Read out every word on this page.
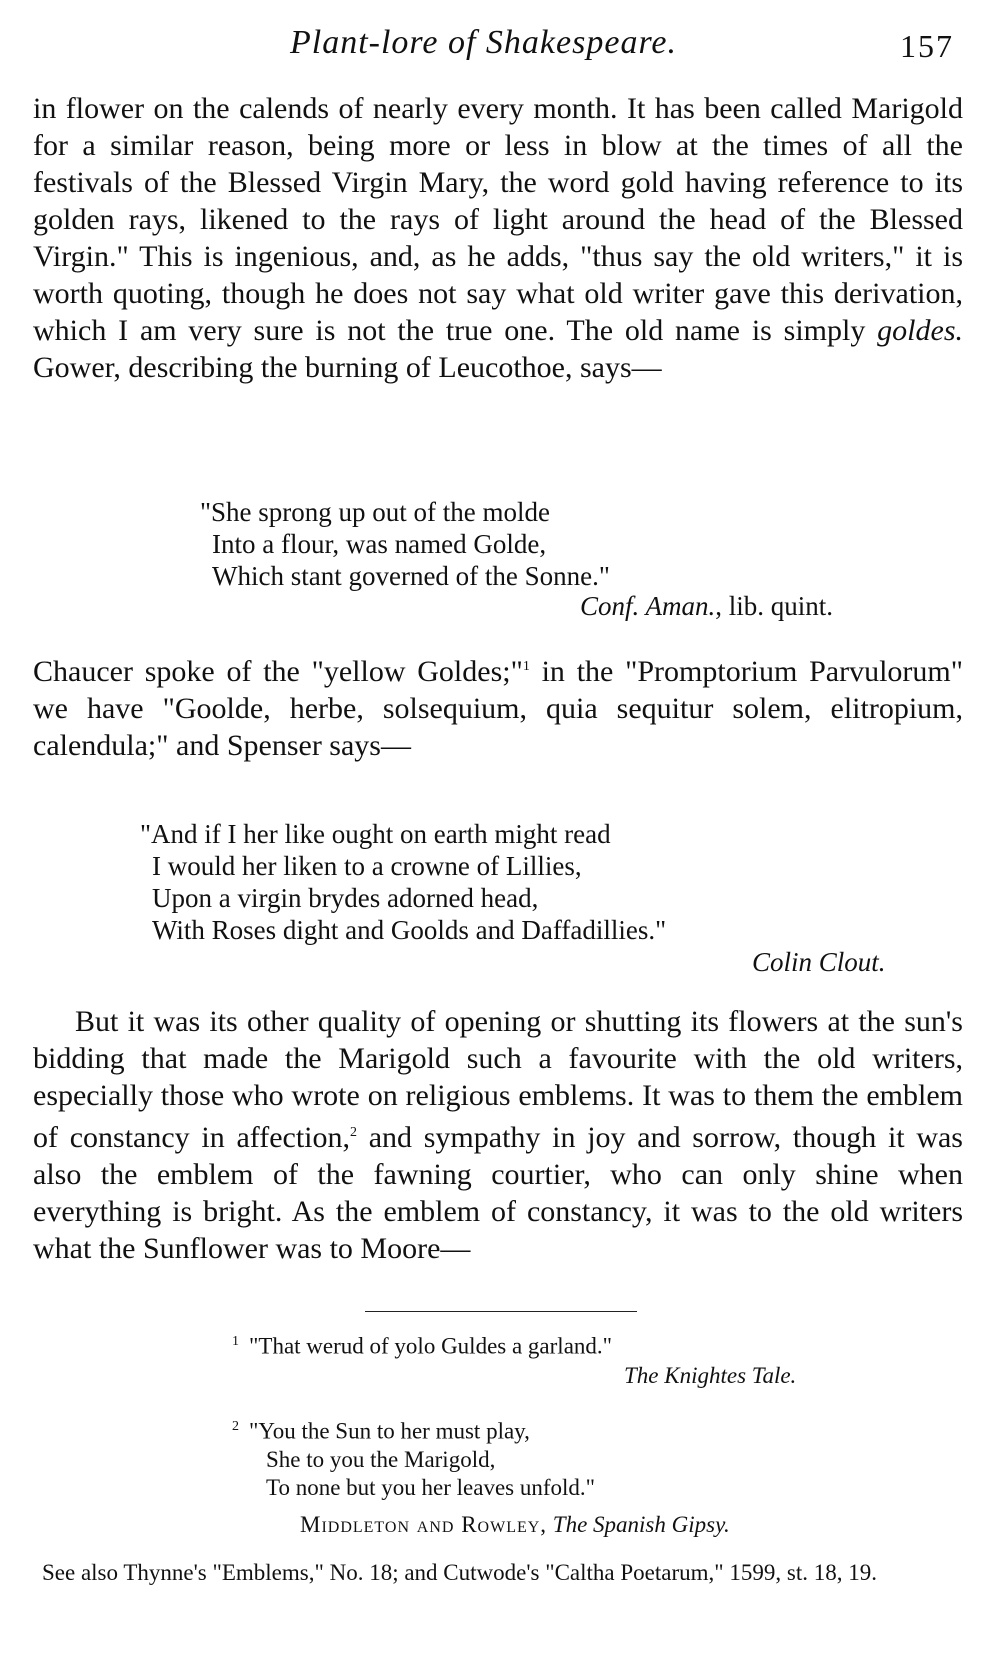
Plant-lore of Shakespeare.	157

in flower on the calends of nearly every month. It has been called Marigold for a similar reason, being more or less in blow at the times of all the festivals of the Blessed Virgin Mary, the word gold having reference to its golden rays, likened to the rays of light around the head of the Blessed Virgin." This is ingenious, and, as he adds, "thus say the old writers," it is worth quoting, though he does not say what old writer gave this derivation, which I am very sure is not the true one. The old name is simply goldes. Gower, describing the burning of Leucothoe, says—

"She sprong up out of the molde
Into a flour, was named Golde,
Which stant governed of the Sonne."
Conf. Aman., lib. quint.

Chaucer spoke of the "yellow Goldes;"$^1$ in the "Promptorium Parvulorum" we have "Goolde, herbe, solsequium, quia sequitur solem, elitropium, calendula;" and Spenser says—

"And if I her like ought on earth might read
I would her liken to a crowne of Lillies,
Upon a virgin brydes adorned head,
With Roses dight and Goolds and Daffadillies."
Colin Clout.

But it was its other quality of opening or shutting its flowers at the sun's bidding that made the Marigold such a favourite with the old writers, especially those who wrote on religious emblems. It was to them the emblem of constancy in affection,$^2$ and sympathy in joy and sorrow, though it was also the emblem of the fawning courtier, who can only shine when everything is bright. As the emblem of constancy, it was to the old writers what the Sunflower was to Moore—

$^1$ "That werud of yolo Guldes a garland."
The Knightes Tale.
$^2$ "You the Sun to her must play,
She to you the Marigold,
To none but you her leaves unfold."
Middleton and Rowley, The Spanish Gipsy.

See also Thynne's "Emblems," No. 18; and Cutwode's "Caltha Poetarum," 1599, st. 18, 19.
